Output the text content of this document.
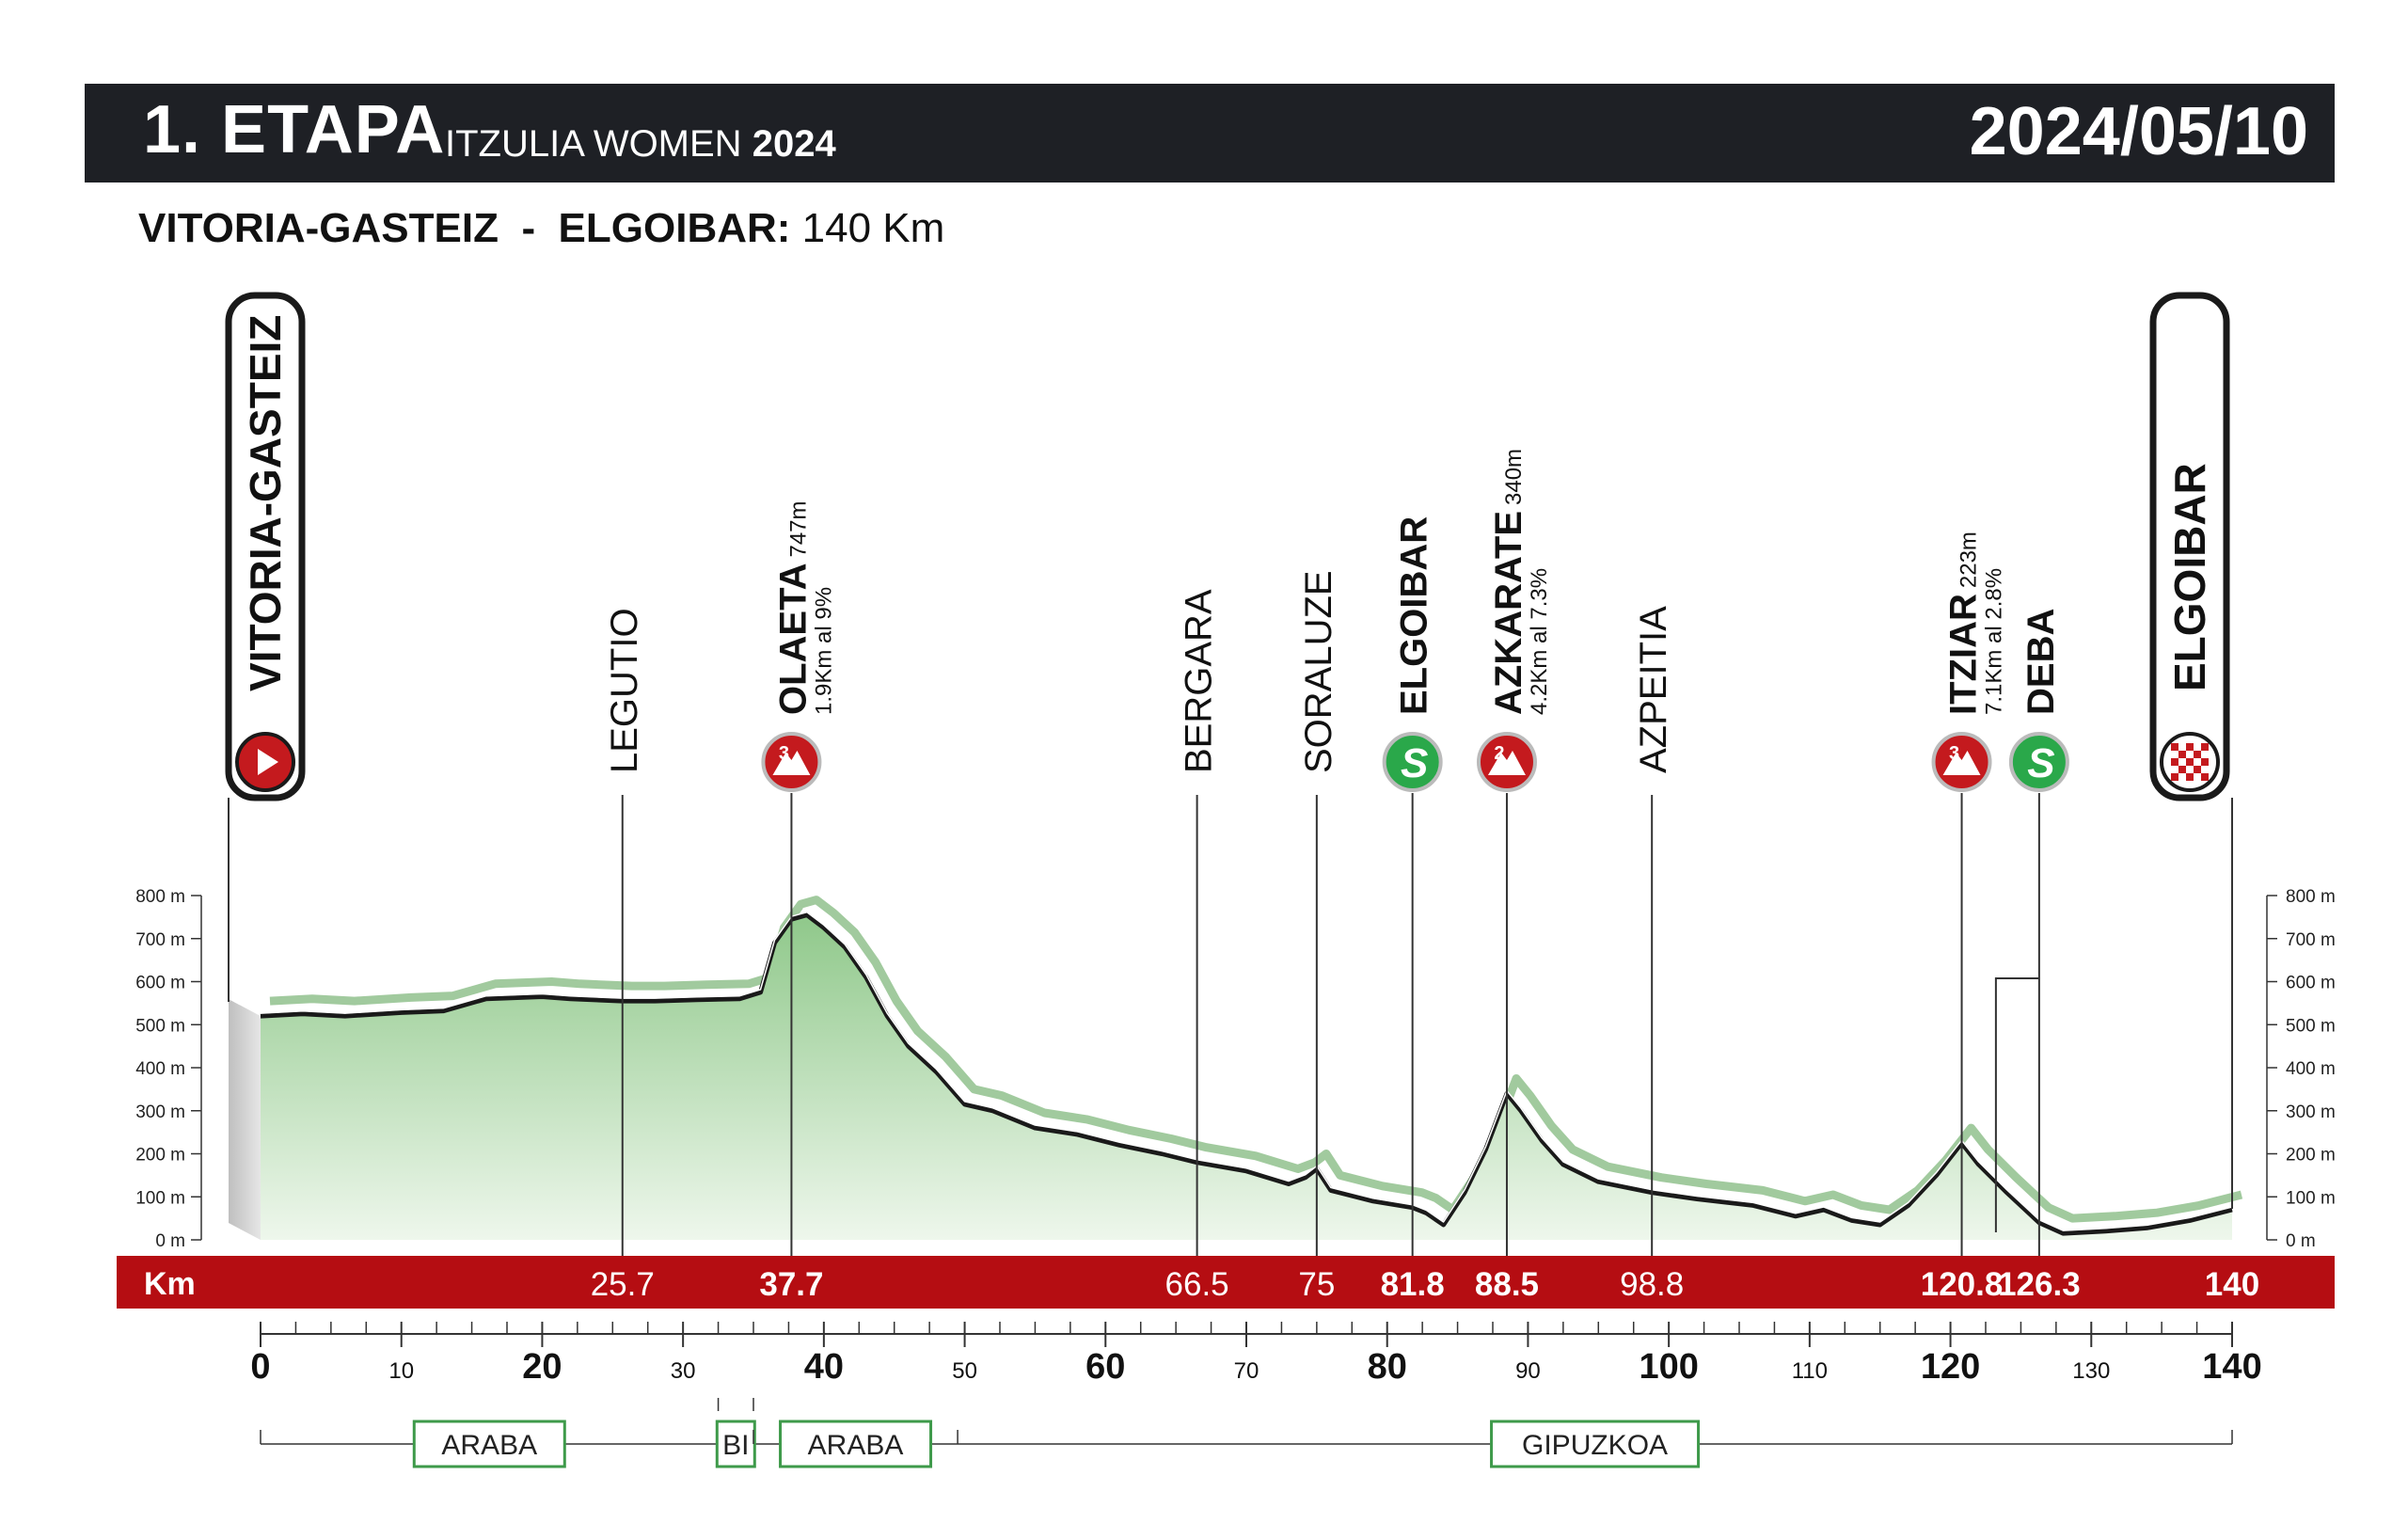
1. ETAPA ITZULIA WOMEN 2024	2024/05/10
VITORIA-GASTEIZ - ELGOIBAR: 140 Km
800 m	800 m
700 m	700 m
600 m	600 m
500 m	500 m
400 m	400 m
300 m	300 m
200 m	200 m
100 m	100 m
0 m	0 m
VITORIA-GASTEIZ	LEGUTIO	3
OLAETA747m
1.9Km al 9%	BERGARA SORALUZE S
ELGOIBAR
2
AZKARATE340m
4.2Km al 7.3% AZPEITIA	3
ITZIAR223m
7.1Km al 2.8%
S
DEBA ELGOIBAR
Km	25.7	37.7	66.5 75 81.8 88.5 98.8	120.8
126.3	140
0	10	20	30	40	50	60	70	80	90	100	110	120	130	140
ARABA	BI ARABA	GIPUZKOA
